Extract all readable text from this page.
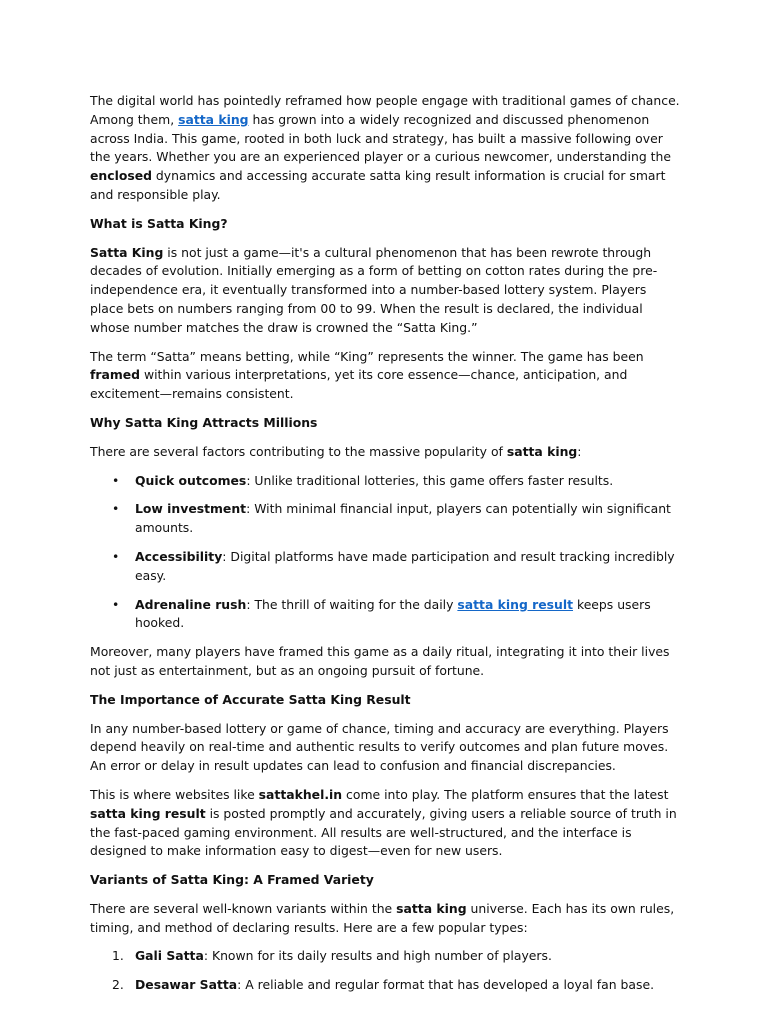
The digital world has pointedly reframed how people engage with traditional games of chance. Among them, satta king has grown into a widely recognized and discussed phenomenon across India. This game, rooted in both luck and strategy, has built a massive following over the years. Whether you are an experienced player or a curious newcomer, understanding the enclosed dynamics and accessing accurate satta king result information is crucial for smart and responsible play.

What is Satta King?

Satta King is not just a game—it's a cultural phenomenon that has been rewrote through decades of evolution. Initially emerging as a form of betting on cotton rates during the pre-independence era, it eventually transformed into a number-based lottery system. Players place bets on numbers ranging from 00 to 99. When the result is declared, the individual whose number matches the draw is crowned the “Satta King.”

The term “Satta” means betting, while “King” represents the winner. The game has been framed within various interpretations, yet its core essence—chance, anticipation, and excitement—remains consistent.

Why Satta King Attracts Millions

There are several factors contributing to the massive popularity of satta king:

• Quick outcomes: Unlike traditional lotteries, this game offers faster results.
• Low investment: With minimal financial input, players can potentially win significant amounts.
• Accessibility: Digital platforms have made participation and result tracking incredibly easy.
• Adrenaline rush: The thrill of waiting for the daily satta king result keeps users hooked.

Moreover, many players have framed this game as a daily ritual, integrating it into their lives not just as entertainment, but as an ongoing pursuit of fortune.

The Importance of Accurate Satta King Result

In any number-based lottery or game of chance, timing and accuracy are everything. Players depend heavily on real-time and authentic results to verify outcomes and plan future moves. An error or delay in result updates can lead to confusion and financial discrepancies.

This is where websites like sattakhel.in come into play. The platform ensures that the latest satta king result is posted promptly and accurately, giving users a reliable source of truth in the fast-paced gaming environment. All results are well-structured, and the interface is designed to make information easy to digest—even for new users.

Variants of Satta King: A Framed Variety

There are several well-known variants within the satta king universe. Each has its own rules, timing, and method of declaring results. Here are a few popular types:

1. Gali Satta: Known for its daily results and high number of players.
2. Desawar Satta: A reliable and regular format that has developed a loyal fan base.
